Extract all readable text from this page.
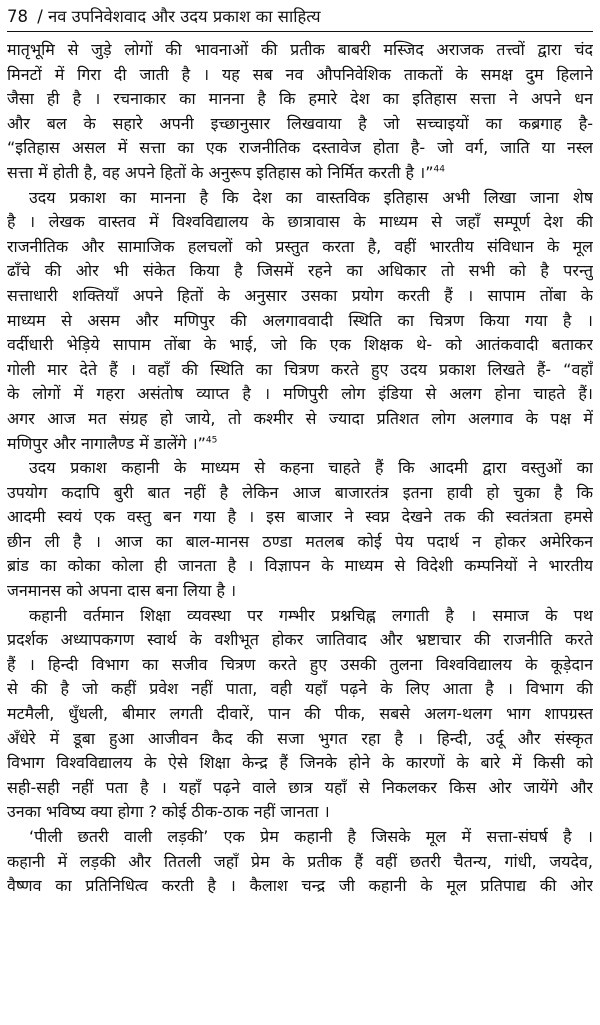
78 / नव उपनिवेशवाद और उदय प्रकाश का साहित्य

मातृभूमि से जुड़े लोगों की भावनाओं की प्रतीक बाबरी मस्जिद अराजक तत्त्वों द्वारा चंद
मिनटों में गिरा दी जाती है । यह सब नव औपनिवेशिक ताकतों के समक्ष दुम हिलाने
जैसा ही है । रचनाकार का मानना है कि हमारे देश का इतिहास सत्ता ने अपने धन
और बल के सहारे अपनी इच्छानुसार लिखवाया है जो सच्चाइयों का कब्रगाह है-
“इतिहास असल में सत्ता का एक राजनीतिक दस्तावेज होता है- जो वर्ग, जाति या नस्ल
सत्ता में होती है, वह अपने हितों के अनुरूप इतिहास को निर्मित करती है ।”$^{44}$

उदय प्रकाश का मानना है कि देश का वास्तविक इतिहास अभी लिखा जाना शेष
है । लेखक वास्तव में विश्वविद्यालय के छात्रावास के माध्यम से जहाँ सम्पूर्ण देश की
राजनीतिक और सामाजिक हलचलों को प्रस्तुत करता है, वहीं भारतीय संविधान के मूल
ढाँचे की ओर भी संकेत किया है जिसमें रहने का अधिकार तो सभी को है परन्तु
सत्ताधारी शक्तियाँ अपने हितों के अनुसार उसका प्रयोग करती हैं । सापाम तोंबा के
माध्यम से असम और मणिपुर की अलगाववादी स्थिति का चित्रण किया गया है ।
वर्दीधारी भेड़िये सापाम तोंबा के भाई, जो कि एक शिक्षक थे- को आतंकवादी बताकर
गोली मार देते हैं । वहाँ की स्थिति का चित्रण करते हुए उदय प्रकाश लिखते हैं- “वहाँ
के लोगों में गहरा असंतोष व्याप्त है । मणिपुरी लोग इंडिया से अलग होना चाहते हैं।
अगर आज मत संग्रह हो जाये, तो कश्मीर से ज्यादा प्रतिशत लोग अलगाव के पक्ष में
मणिपुर और नागालैण्ड में डालेंगे ।”$^{45}$

उदय प्रकाश कहानी के माध्यम से कहना चाहते हैं कि आदमी द्वारा वस्तुओं का
उपयोग कदापि बुरी बात नहीं है लेकिन आज बाजारतंत्र इतना हावी हो चुका है कि
आदमी स्वयं एक वस्तु बन गया है । इस बाजार ने स्वप्न देखने तक की स्वतंत्रता हमसे
छीन ली है । आज का बाल-मानस ठण्डा मतलब कोई पेय पदार्थ न होकर अमेरिकन
ब्रांड का कोका कोला ही जानता है । विज्ञापन के माध्यम से विदेशी कम्पनियों ने भारतीय
जनमानस को अपना दास बना लिया है ।

कहानी वर्तमान शिक्षा व्यवस्था पर गम्भीर प्रश्नचिह्न लगाती है । समाज के पथ
प्रदर्शक अध्यापकगण स्वार्थ के वशीभूत होकर जातिवाद और भ्रष्टाचार की राजनीति करते
हैं । हिन्दी विभाग का सजीव चित्रण करते हुए उसकी तुलना विश्वविद्यालय के कूड़ेदान
से की है जो कहीं प्रवेश नहीं पाता, वही यहाँ पढ़ने के लिए आता है । विभाग की
मटमैली, धुँधली, बीमार लगती दीवारें, पान की पीक, सबसे अलग-थलग भाग शापग्रस्त
अँधेरे में डूबा हुआ आजीवन कैद की सजा भुगत रहा है । हिन्दी, उर्दू और संस्कृत
विभाग विश्वविद्यालय के ऐसे शिक्षा केन्द्र हैं जिनके होने के कारणों के बारे में किसी को
सही-सही नहीं पता है । यहाँ पढ़ने वाले छात्र यहाँ से निकलकर किस ओर जायेंगे और
उनका भविष्य क्या होगा ? कोई ठीक-ठाक नहीं जानता ।

‘पीली छतरी वाली लड़की’ एक प्रेम कहानी है जिसके मूल में सत्ता-संघर्ष है ।
कहानी में लड़की और तितली जहाँ प्रेम के प्रतीक हैं वहीं छतरी चैतन्य, गांधी, जयदेव,
वैष्णव का प्रतिनिधित्व करती है । कैलाश चन्द्र जी कहानी के मूल प्रतिपाद्य की ओर
